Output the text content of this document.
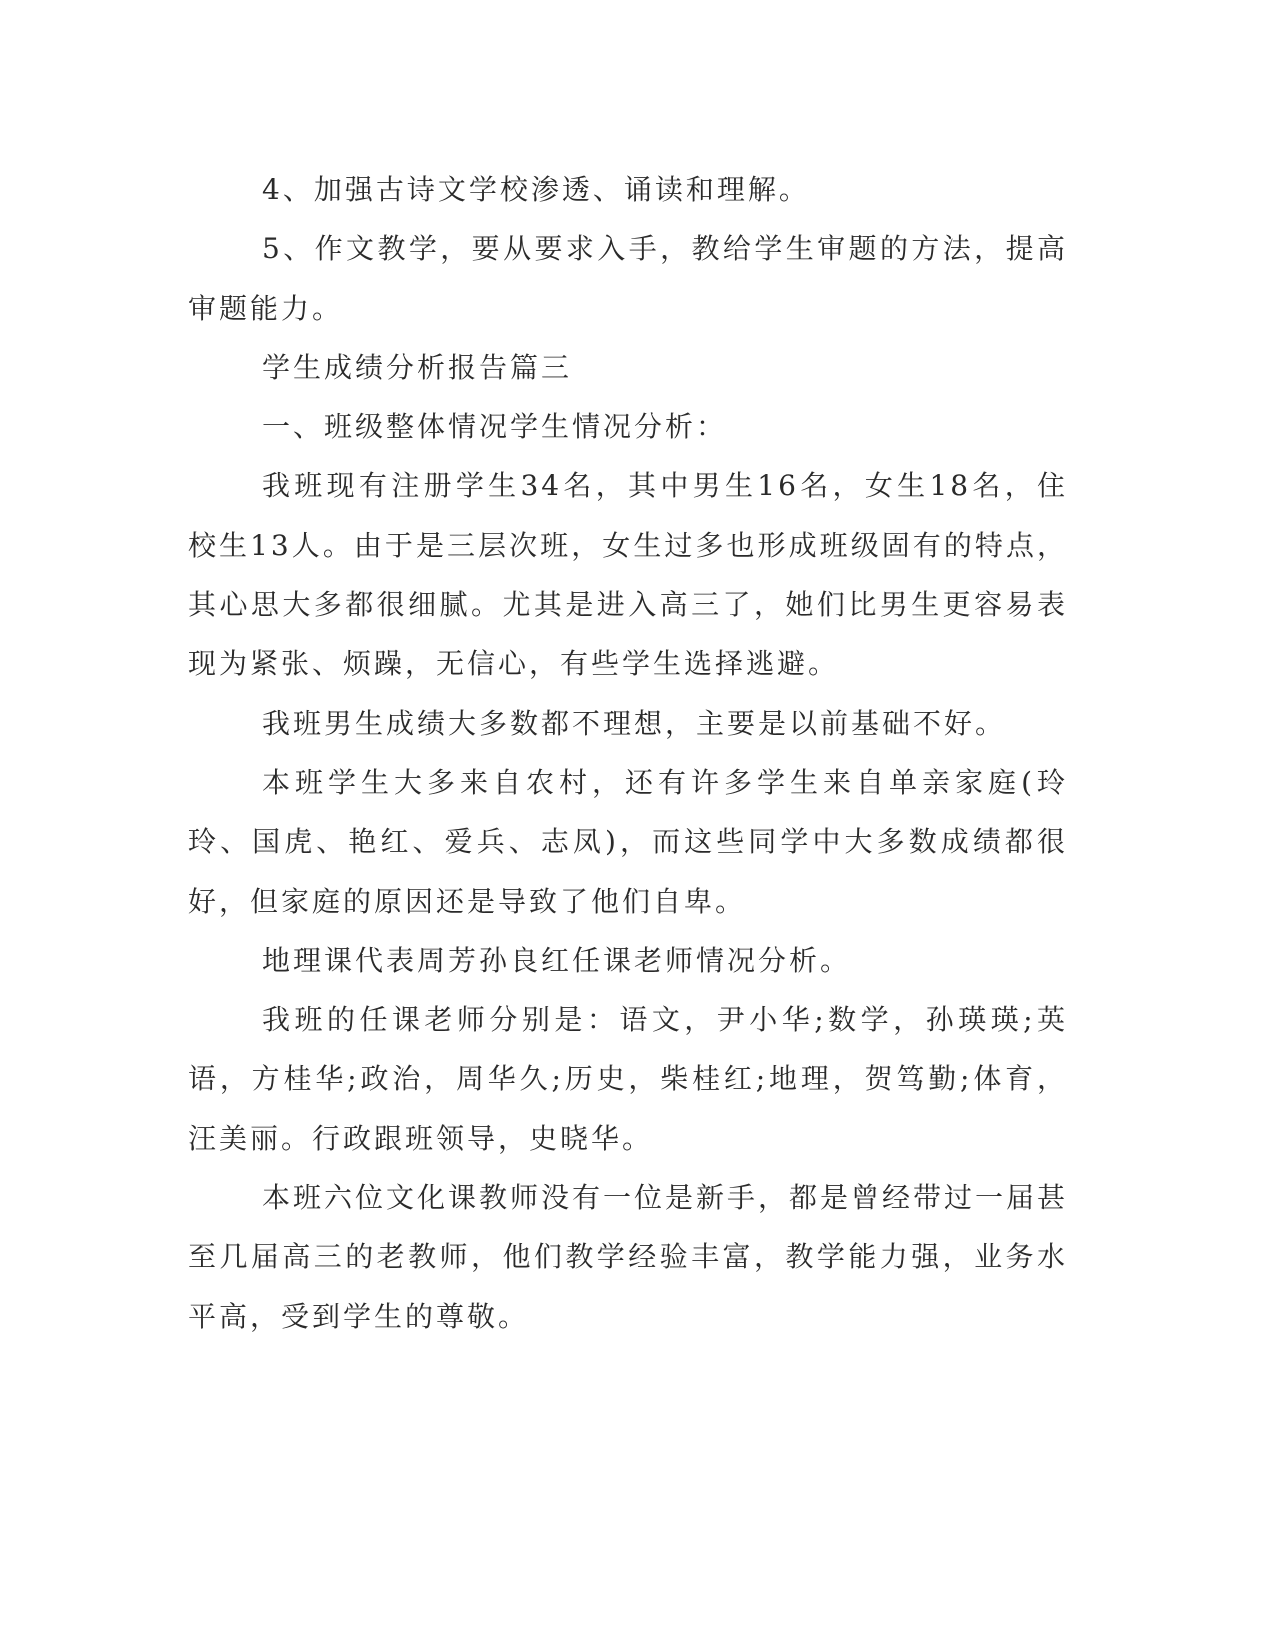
4、加强古诗文学校渗透、诵读和理解。

5、作文教学，要从要求入手，教给学生审题的方法，提高审题能力。

学生成绩分析报告篇三

一、班级整体情况学生情况分析：

我班现有注册学生34名，其中男生16名，女生18名，住校生13人。由于是三层次班，女生过多也形成班级固有的特点，其心思大多都很细腻。尤其是进入高三了，她们比男生更容易表现为紧张、烦躁，无信心，有些学生选择逃避。

我班男生成绩大多数都不理想，主要是以前基础不好。

本班学生大多来自农村，还有许多学生来自单亲家庭(玲玲、国虎、艳红、爱兵、志凤)，而这些同学中大多数成绩都很好，但家庭的原因还是导致了他们自卑。

地理课代表周芳孙良红任课老师情况分析。

我班的任课老师分别是：语文，尹小华;数学，孙瑛瑛;英语，方桂华;政治，周华久;历史，柴桂红;地理，贺笃勤;体育，汪美丽。行政跟班领导，史晓华。

本班六位文化课教师没有一位是新手，都是曾经带过一届甚至几届高三的老教师，他们教学经验丰富，教学能力强，业务水平高，受到学生的尊敬。
